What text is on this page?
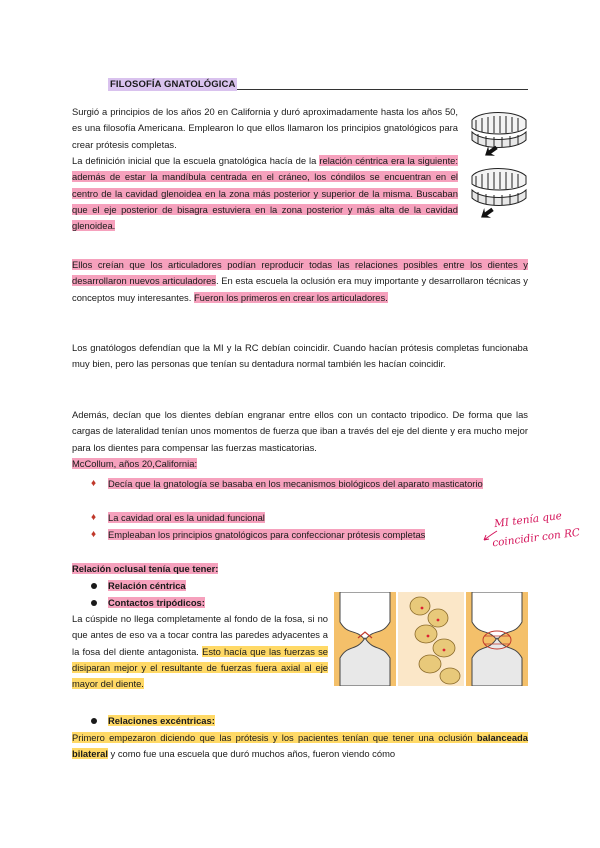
FILOSOFÍA GNATOLÓGICA

Surgió a principios de los años 20 en California y duró aproximadamente hasta los años 50, es una filosofía Americana. Emplearon lo que ellos llamaron los principios gnatológicos para crear prótesis completas.

La definición inicial que la escuela gnatológica hacía de la relación céntrica era la siguiente: además de estar la mandíbula centrada en el cráneo, los cóndilos se encuentran en el centro de la cavidad glenoidea en la zona más posterior y superior de la misma. Buscaban que el eje posterior de bisagra estuviera en la zona posterior y más alta de la cavidad glenoidea.

Ellos creían que los articuladores podían reproducir todas las relaciones posibles entre los dientes y desarrollaron nuevos articuladores. En esta escuela la oclusión era muy importante y desarrollaron técnicas y conceptos muy interesantes. Fueron los primeros en crear los articuladores.

Los gnatólogos defendían que la MI y la RC debían coincidir. Cuando hacían prótesis completas funcionaba muy bien, pero las personas que tenían su dentadura normal también les hacían coincidir.

Además, decían que los dientes debían engranar entre ellos con un contacto tripodico. De forma que las cargas de lateralidad tenían unos momentos de fuerza que iban a través del eje del diente y era mucho mejor para los dientes para compensar las fuerzas masticatorias.
McCollum, años 20,California:

♦ Decía que la gnatología se basaba en los mecanismos biológicos del aparato masticatorio
♦ La cavidad oral es la unidad funcional
♦ Empleaban los principios gnatológicos para confeccionar prótesis completas
MI tenía que
coincidir con RC
Relación oclusal tenía que tener:
Relación céntrica
Contactos tripódicos:

La cúspide no llega completamente al fondo de la fosa, si no que antes de eso va a tocar contra las paredes adyacentes a la fosa del diente antagonista. Esto hacía que las fuerzas se disiparan mejor y el resultante de fuerzas fuera axial al eje mayor del diente.

Relaciones excéntricas:

Primero empezaron diciendo que las prótesis y los pacientes tenían que tener una oclusión balanceada bilateral y como fue una escuela que duró muchos años, fueron viendo cómo
